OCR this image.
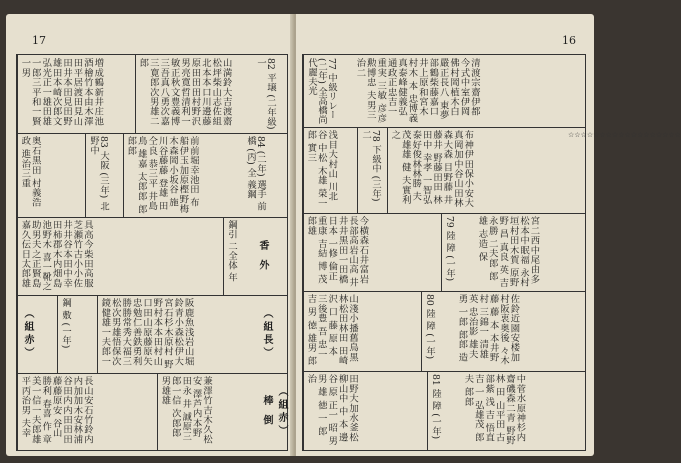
17
82 平壌 (二年級) 一
山満鈴大吉渡齋松坪柴山志佐組北本本口川邊藤原田田田村野沢男亮寛哲清利一敏正秋文豊義博三吾真八勇次嘉三寛郎次男雄二郎
増成鶴新井庄池酒檜竹本由木澤田平居渡田見山田井本田見田野雄田本崎次郎文弘光正一雄田雄一郎三平和一賢一男
84 (二年) 選手 前橋 (丙) 全 義鋼
前前堀幸池田 布船伊玉加原樫野梅木森岡小坂谷 施川谷藤藤 登雄 田仝良 恭三平 井島鳥 雄嘉 太郎郎 郎郎郎
83 大阪 (三年) 北野中
奥石黒田 村義浩政 進治三重
香 外
鋼引 二全体 年
具高今柴田高服芝瀬竹古小小佐 井井谷本田中幸田柿郡木内畑島池野木 喜一靴之助男夫之正賢島嘉久伝日太郎雄
（組長）
阪鹿魚浅岩山堀鈴青小森松伊大宮石杉木原村 野野村本本田村山口田山原藤原矢 忠勉仁善鉄勇利勝勝常秀大福三松次男雄悟保次鏡健雄一夫郎一
鋼 敷 (一年)
（組赤）
（組赤） 棒 倒
兼澤竹吉木久松安 澤芦内本野田永 井 誠原三郎一信 次郎郎 男雄雄
長山安石竹鈴内内加加木安林浦 谷田内内田田田藤藤原安 谷山 勝利 春喜 作 章美一信一夫郎雄平丙治男 夫幸
16
清渡宗齋伊都今式中室伊岡佛村岡植木白嚴正長八 東夢部鶴柴藤嘉口井上原和宮木 村木 本 忠博義真泰峰健義弘通政正忠吉一重実 三敏 彦彦勲博忠 夫男三治二
77 中級リレー(二年) 全高橋尚代麗夫光
☆☆☆☆☆☆☆☆☆☆☆☆☆☆☆☆☆☆
布神伊田保小安大真岡加中谷山田林森大森 目野藤 井藤井 野藤田田 林 田中 幸孝 一智弘泰好俊林林勝 夫 茂雄雄 健 夫實利之
78 下級中 (三年) 二
浅目大村山 川北 谷 中松 木雄 榮一 郎 實三
宮二西中尾由多松本中眠福 永村垣村田木賀 原野野 昌 真良 英 吉永勝 二夫郎 郎雄 志造 保
79 陸 障 (一年)
今横森石井富岩長部高岩山高 井井井黒田一田橋 日本 一修 倫正 重康 吉結 博 茂 郎雄
佐鈴近園安楼加村阪衷奥後 々木藤 藤 本 本井野村 三錦一 清雄 英 忠治影 雄夫 勇 一郎 郎郎 造
80 陸 障 (一年)
山淺小播舊鳥黒林松田林田 田崎沢 口 藤 原 本 三後豊 吾 忠一 吉 男 徳 雄男 郎
中菅水原神杉内齋磯森二青 野野林 田 山平田 古 部紫 浅 吉 悟直 吉 一 弘雄茂 郎 夫 郎郎
81 陸 障 (一年)
田野大加水釜松柳山中 中 本 邊 谷 原 正一 昭 男 男 雄 徳 一 郎 治
